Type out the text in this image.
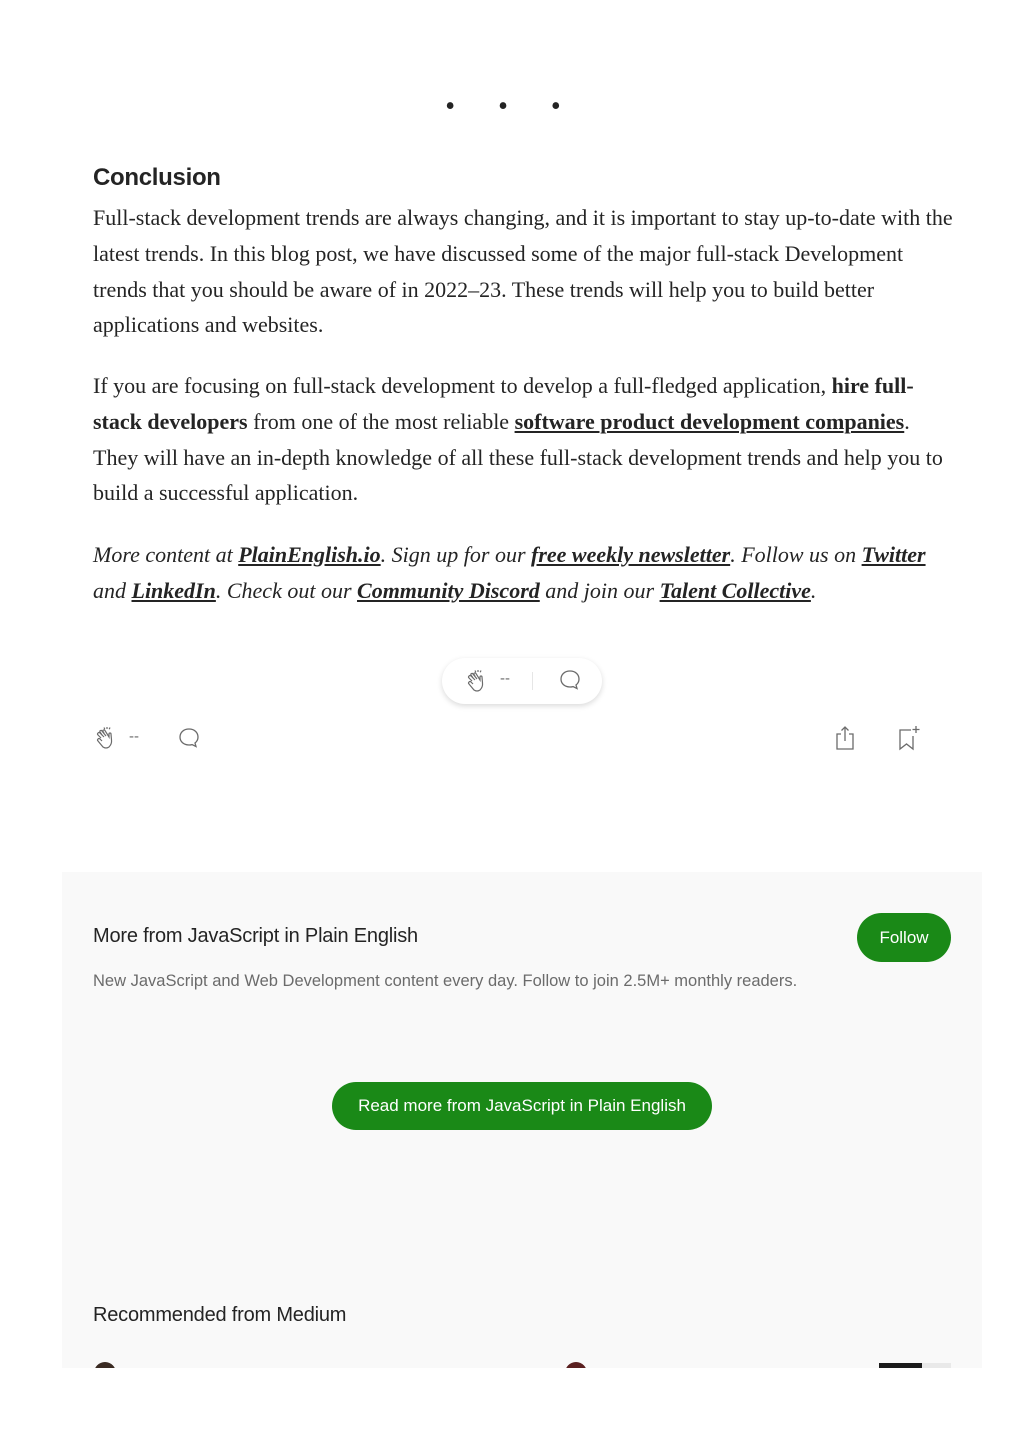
• • •
Conclusion

Full-stack development trends are always changing, and it is important to stay up-to-date with the latest trends. In this blog post, we have discussed some of the major full-stack Development trends that you should be aware of in 2022–23. These trends will help you to build better applications and websites.

If you are focusing on full-stack development to develop a full-fledged application, hire full-stack developers from one of the most reliable software product development companies. They will have an in-depth knowledge of all these full-stack development trends and help you to build a successful application.

More content at PlainEnglish.io. Sign up for our free weekly newsletter. Follow us on Twitter and LinkedIn. Check out our Community Discord and join our Talent Collective.

--
--
More from JavaScript in Plain English	Follow

New JavaScript and Web Development content every day. Follow to join 2.5M+ monthly readers.

Read more from JavaScript in Plain English
Recommended from Medium
